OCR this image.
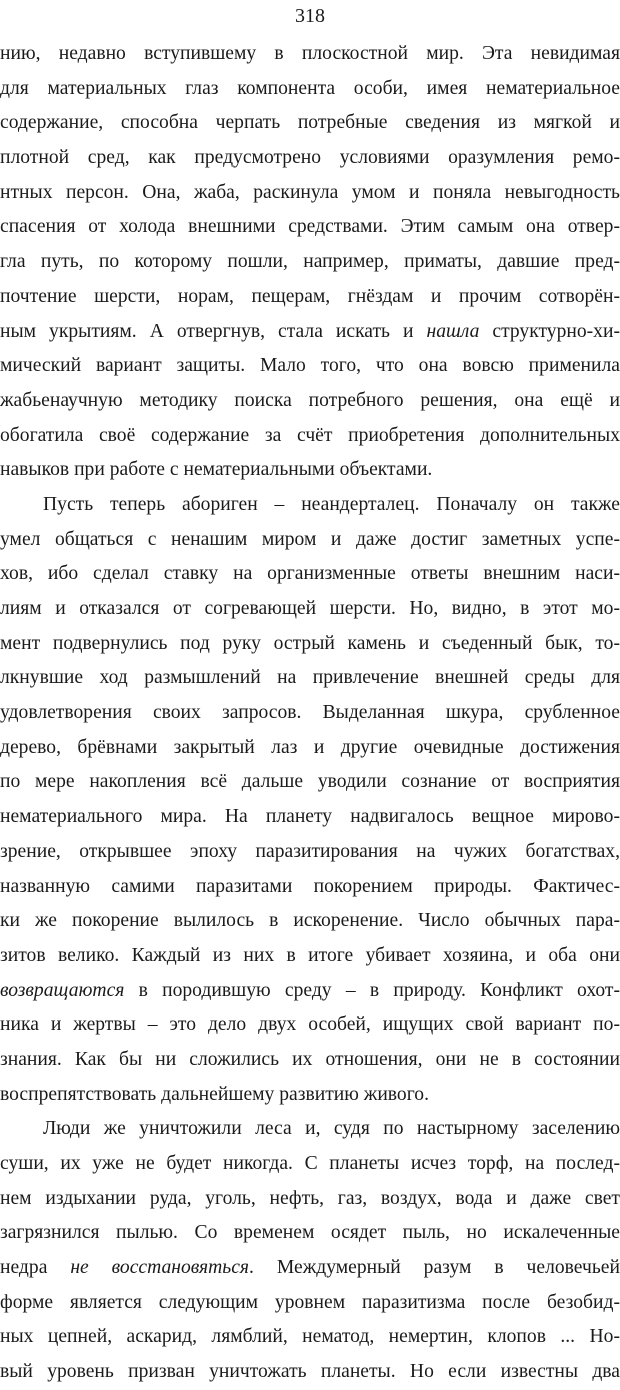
318
нию, недавно вступившему в плоскостной мир. Эта невидимая
для материальных глаз компонента особи, имея нематериальное
содержание, способна черпать потребные сведения из мягкой и
плотной сред, как предусмотрено условиями оразумления ремо-
нтных персон. Она, жаба, раскинула умом и поняла невыгодность
спасения от холода внешними средствами. Этим самым она отвер-
гла путь, по которому пошли, например, приматы, давшие пред-
почтение шерсти, норам, пещерам, гнёздам и прочим сотворён-
ным укрытиям. А отвергнув, стала искать и нашла структурно-хи-
мический вариант защиты. Мало того, что она вовсю применила
жабьенаучную методику поиска потребного решения, она ещё и
обогатила своё содержание за счёт приобретения дополнительных
навыков при работе с нематериальными объектами.
Пусть теперь абориген – неандерталец. Поначалу он также
умел общаться с ненашим миром и даже достиг заметных успе-
хов, ибо сделал ставку на организменные ответы внешним наси-
лиям и отказался от согревающей шерсти. Но, видно, в этот мо-
мент подвернулись под руку острый камень и съеденный бык, то-
лкнувшие ход размышлений на привлечение внешней среды для
удовлетворения своих запросов. Выделанная шкура, срубленное
дерево, брёвнами закрытый лаз и другие очевидные достижения
по мере накопления всё дальше уводили сознание от восприятия
нематериального мира. На планету надвигалось вещное мирово-
зрение, открывшее эпоху паразитирования на чужих богатствах,
названную самими паразитами покорением природы. Фактичес-
ки же покорение вылилось в искоренение. Число обычных пара-
зитов велико. Каждый из них в итоге убивает хозяина, и оба они
возвращаются в породившую среду – в природу. Конфликт охот-
ника и жертвы – это дело двух особей, ищущих свой вариант по-
знания. Как бы ни сложились их отношения, они не в состоянии
воспрепятствовать дальнейшему развитию живого.
Люди же уничтожили леса и, судя по настырному заселению
суши, их уже не будет никогда. С планеты исчез торф, на послед-
нем издыхании руда, уголь, нефть, газ, воздух, вода и даже свет
загрязнился пылью. Со временем осядет пыль, но искалеченные
недра не восстановяться. Междумерный разум в человечьей
форме является следующим уровнем паразитизма после безобид-
ных цепней, аскарид, лямблий, нематод, немертин, клопов ... Но-
вый уровень призван уничтожать планеты. Но если известны два
